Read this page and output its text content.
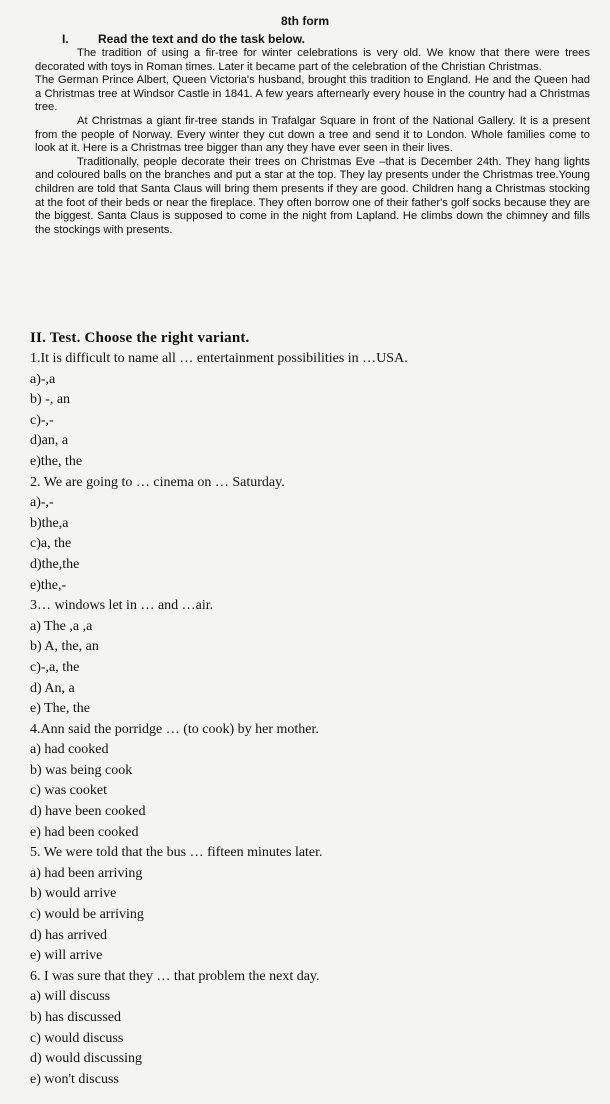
8th form
I. Read the text and do the task below.

The tradition of using a fir-tree for winter celebrations is very old. We know that there were trees decorated with toys in Roman times. Later it became part of the celebration of the Christian Christmas.

The German Prince Albert, Queen Victoria's husband, brought this tradition to England. He and the Queen had a Christmas tree at Windsor Castle in 1841. A few years afternearly every house in the country had a Christmas tree.

At Christmas a giant fir-tree stands in Trafalgar Square in front of the National Gallery. It is a present from the people of Norway. Every winter they cut down a tree and send it to London. Whole families come to look at it. Here is a Christmas tree bigger than any they have ever seen in their lives.

Traditionally, people decorate their trees on Christmas Eve –that is December 24th. They hang lights and coloured balls on the branches and put a star at the top. They lay presents under the Christmas tree.Young children are told that Santa Claus will bring them presents if they are good. Children hang a Christmas stocking at the foot of their beds or near the fireplace. They often borrow one of their father's golf socks because they are the biggest. Santa Claus is supposed to come in the night from Lapland. He climbs down the chimney and fills the stockings with presents.

II. Test. Choose the right variant.
1.It is difficult to name all … entertainment possibilities in …USA.
a)-,a
b) -, an
c)-,-
d)an, a
e)the, the
2. We are going to … cinema on … Saturday.
a)-,-
b)the,a
c)a, the
d)the,the
e)the,-
3… windows let in … and …air.
a) The ,a ,a
b) A, the, an
c)-,a, the
d) An, a
e) The, the
4.Ann said the porridge … (to cook) by her mother.
a) had cooked
b) was being cook
c) was cooket
d) have been cooked
e) had been cooked
5. We were told that the bus … fifteen minutes later.
a) had been arriving
b) would arrive
c) would be arriving
d) has arrived
e) will arrive
6. I was sure that they … that problem the next day.
a) will discuss
b) has discussed
c) would discuss
d) would discussing
e) won't discuss
